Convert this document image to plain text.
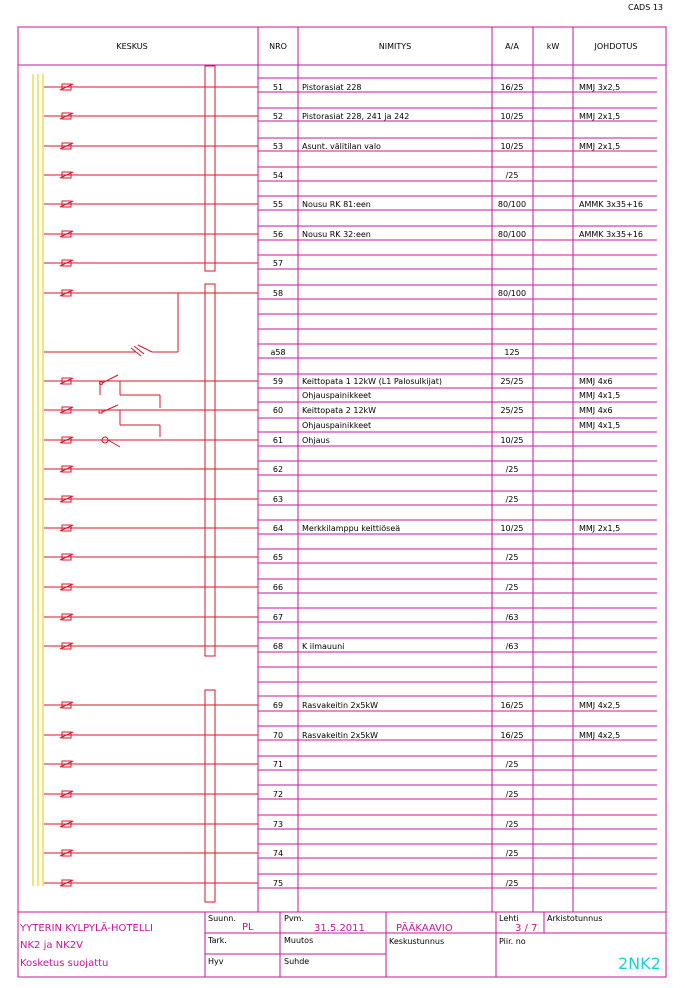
CADS 13
KESKUS	NRO	NIMITYS	A/A	kW	JOHDOTUS
51 Pistorasiat 228	16/25	MMJ 3x2,5
52 Pistorasiat 228, 241 ja 242	10/25	MMJ 2x1,5
53 Asunt. välitilan valo	10/25	MMJ 2x1,5
54	/25
55 Nousu RK 81:een	80/100	AMMK 3x35+16
56 Nousu RK 32:een	80/100	AMMK 3x35+16
57
58	80/100
a58	125
59 Keittopata 1 12kW (L1 Palosulkijat)	25/25	MMJ 4x6
Ohjauspainikkeet	MMJ 4x1,5
60 Keittopata 2 12kW	25/25	MMJ 4x6
Ohjauspainikkeet	MMJ 4x1,5
61 Ohjaus	10/25
62	/25
63	/25
64 Merkkilamppu keittiöseä	10/25	MMJ 2x1,5
65	/25
66	/25
67	/63
68 K ilmauuni	/63
69 Rasvakeitin 2x5kW	16/25	MMJ 4x2,5
70 Rasvakeitin 2x5kW	16/25	MMJ 4x2,5
71	/25
72	/25
73	/25
74	/25
75	/25
YYTERIN KYLPYLÄ-HOTELLI
NK2 ja NK2V
Kosketus suojattu
Suunn.
PL
Pvm.
31.5.2011	PÄÄKAAVIO
Lehti
3 / 7
Arkistotunnus
Tark.	Muutos	Keskustunnus	Piir. no
Hyv	Suhde	2NK2
